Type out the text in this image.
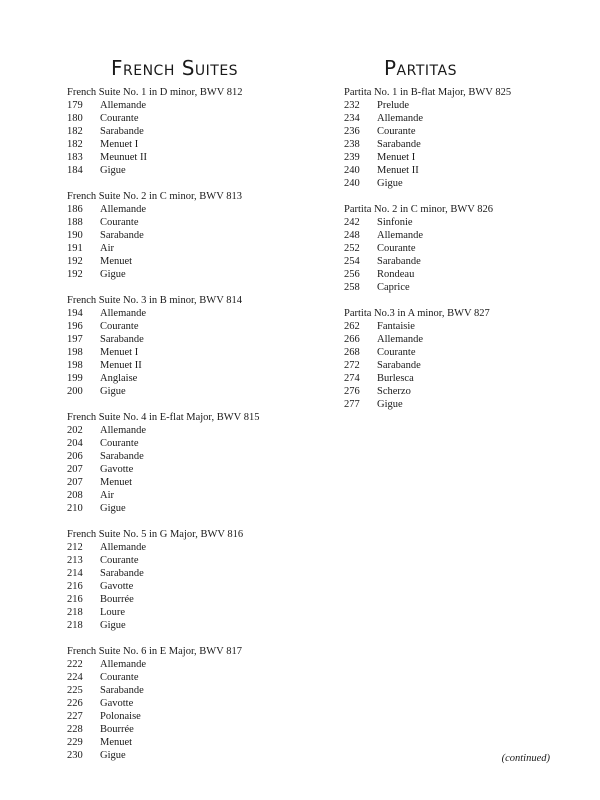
French Suites
French Suite No. 1 in D minor, BWV 812
179	Allemande
180	Courante
182	Sarabande
182	Menuet I
183	Meunuet II
184	Gigue
French Suite No. 2 in C minor, BWV 813
186	Allemande
188	Courante
190	Sarabande
191	Air
192	Menuet
192	Gigue
French Suite No. 3 in B minor, BWV 814
194	Allemande
196	Courante
197	Sarabande
198	Menuet I
198	Menuet II
199	Anglaise
200	Gigue
French Suite No. 4 in E-flat Major, BWV 815
202	Allemande
204	Courante
206	Sarabande
207	Gavotte
207	Menuet
208	Air
210	Gigue
French Suite No. 5 in G Major, BWV 816
212	Allemande
213	Courante
214	Sarabande
216	Gavotte
216	Bourrée
218	Loure
218	Gigue
French Suite No. 6 in E Major, BWV 817
222	Allemande
224	Courante
225	Sarabande
226	Gavotte
227	Polonaise
228	Bourrée
229	Menuet
230	Gigue
Partitas
Partita No. 1 in B-flat Major, BWV 825
232	Prelude
234	Allemande
236	Courante
238	Sarabande
239	Menuet I
240	Menuet II
240	Gigue
Partita No. 2 in C minor, BWV 826
242	Sinfonie
248	Allemande
252	Courante
254	Sarabande
256	Rondeau
258	Caprice
Partita No.3 in A minor, BWV 827
262	Fantaisie
266	Allemande
268	Courante
272	Sarabande
274	Burlesca
276	Scherzo
277	Gigue
(continued)
